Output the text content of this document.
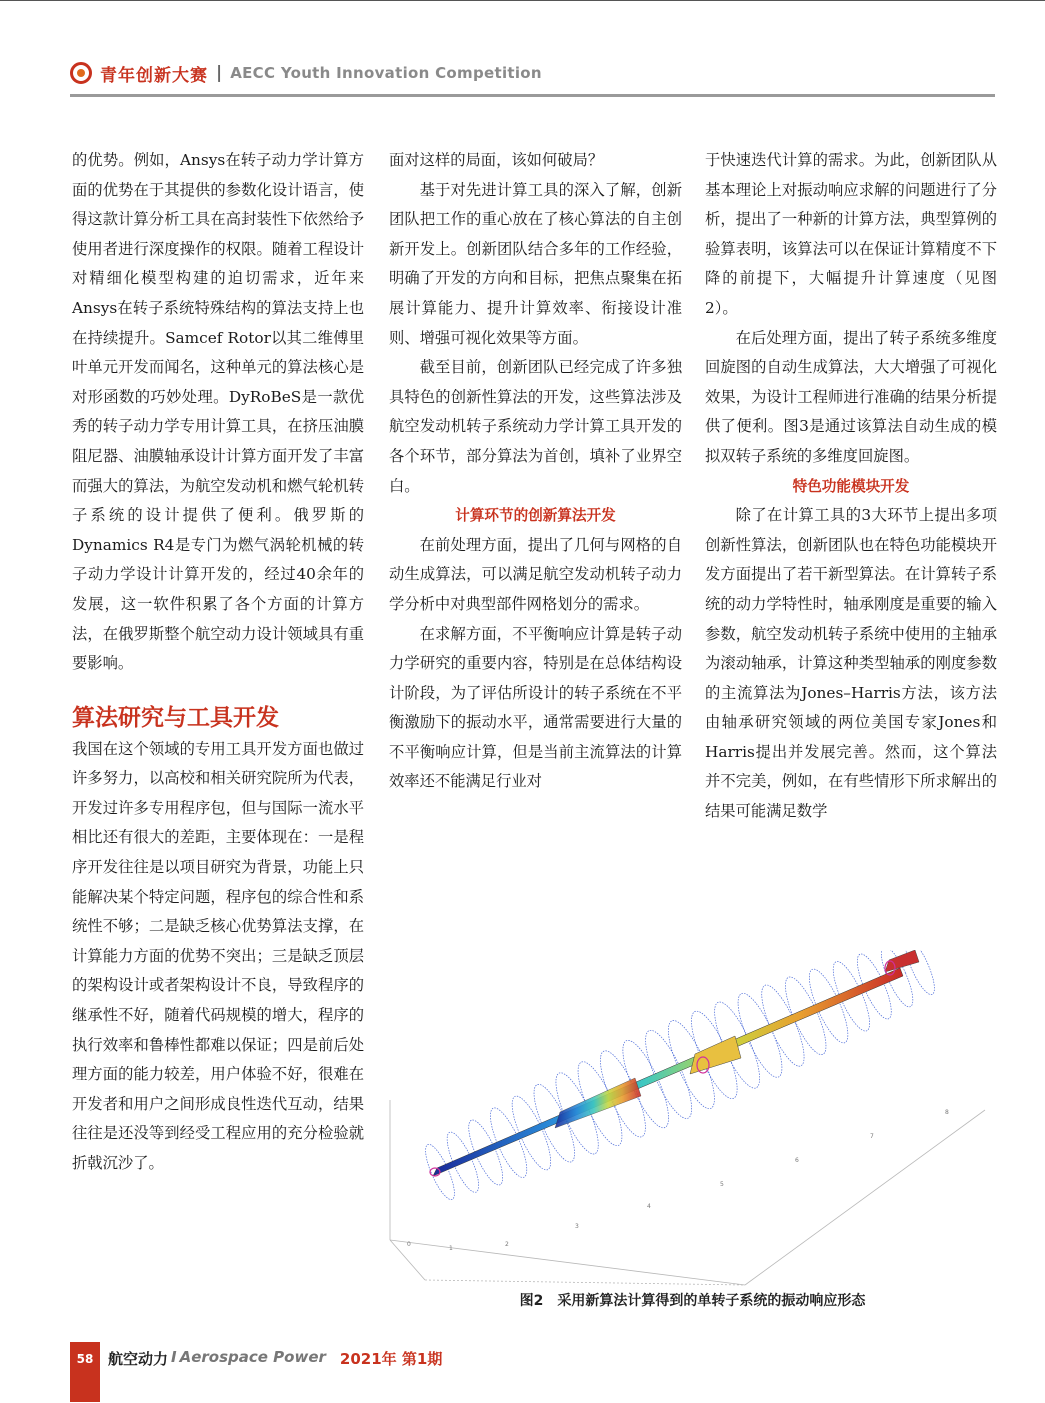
青年创新大赛 | AECC Youth Innovation Competition

的优势。例如，Ansys在转子动力学计算方面的优势在于其提供的参数化设计语言，使得这款计算分析工具在高封装性下依然给予使用者进行深度操作的权限。随着工程设计对精细化模型构建的迫切需求，近年来Ansys在转子系统特殊结构的算法支持上也在持续提升。Samcef Rotor以其二维傅里叶单元开发而闻名，这种单元的算法核心是对形函数的巧妙处理。DyRoBeS是一款优秀的转子动力学专用计算工具，在挤压油膜阻尼器、油膜轴承设计计算方面开发了丰富而强大的算法，为航空发动机和燃气轮机转子系统的设计提供了便利。俄罗斯的Dynamics R4是专门为燃气涡轮机械的转子动力学设计计算开发的，经过40余年的发展，这一软件积累了各个方面的计算方法，在俄罗斯整个航空动力设计领域具有重要影响。

算法研究与工具开发

我国在这个领域的专用工具开发方面也做过许多努力，以高校和相关研究院所为代表，开发过许多专用程序包，但与国际一流水平相比还有很大的差距，主要体现在：一是程序开发往往是以项目研究为背景，功能上只能解决某个特定问题，程序包的综合性和系统性不够；二是缺乏核心优势算法支撑，在计算能力方面的优势不突出；三是缺乏顶层的架构设计或者架构设计不良，导致程序的继承性不好，随着代码规模的增大，程序的执行效率和鲁棒性都难以保证；四是前后处理方面的能力较差，用户体验不好，很难在开发者和用户之间形成良性迭代互动，结果往往是还没等到经受工程应用的充分检验就折戟沉沙了。

面对这样的局面，该如何破局？

基于对先进计算工具的深入了解，创新团队把工作的重心放在了核心算法的自主创新开发上。创新团队结合多年的工作经验，明确了开发的方向和目标，把焦点聚集在拓展计算能力、提升计算效率、衔接设计准则、增强可视化效果等方面。

截至目前，创新团队已经完成了许多独具特色的创新性算法的开发，这些算法涉及航空发动机转子系统动力学计算工具开发的各个环节，部分算法为首创，填补了业界空白。

计算环节的创新算法开发

在前处理方面，提出了几何与网格的自动生成算法，可以满足航空发动机转子动力学分析中对典型部件网格划分的需求。

在求解方面，不平衡响应计算是转子动力学研究的重要内容，特别是在总体结构设计阶段，为了评估所设计的转子系统在不平衡激励下的振动水平，通常需要进行大量的不平衡响应计算，但是当前主流算法的计算效率还不能满足行业对

于快速迭代计算的需求。为此，创新团队从基本理论上对振动响应求解的问题进行了分析，提出了一种新的计算方法，典型算例的验算表明，该算法可以在保证计算精度不下降的前提下，大幅提升计算速度（见图2）。

在后处理方面，提出了转子系统多维度回旋图的自动生成算法，大大增强了可视化效果，为设计工程师进行准确的结果分析提供了便利。图3是通过该算法自动生成的模拟双转子系统的多维度回旋图。

特色功能模块开发

除了在计算工具的3大环节上提出多项创新性算法，创新团队也在特色功能模块开发方面提出了若干新型算法。在计算转子系统的动力学特性时，轴承刚度是重要的输入参数，航空发动机转子系统中使用的主轴承为滚动轴承，计算这种类型轴承的刚度参数的主流算法为Jones–Harris方法，该方法由轴承研究领域的两位美国专家Jones和Harris提出并发展完善。然而，这个算法并不完美，例如，在有些情形下所求解出的结果可能满足数学

0
1
2
3
4
5
6
7
8
图2　采用新算法计算得到的单转子系统的振动响应形态
58 航空动力 I Aerospace Power 2021年 第1期
